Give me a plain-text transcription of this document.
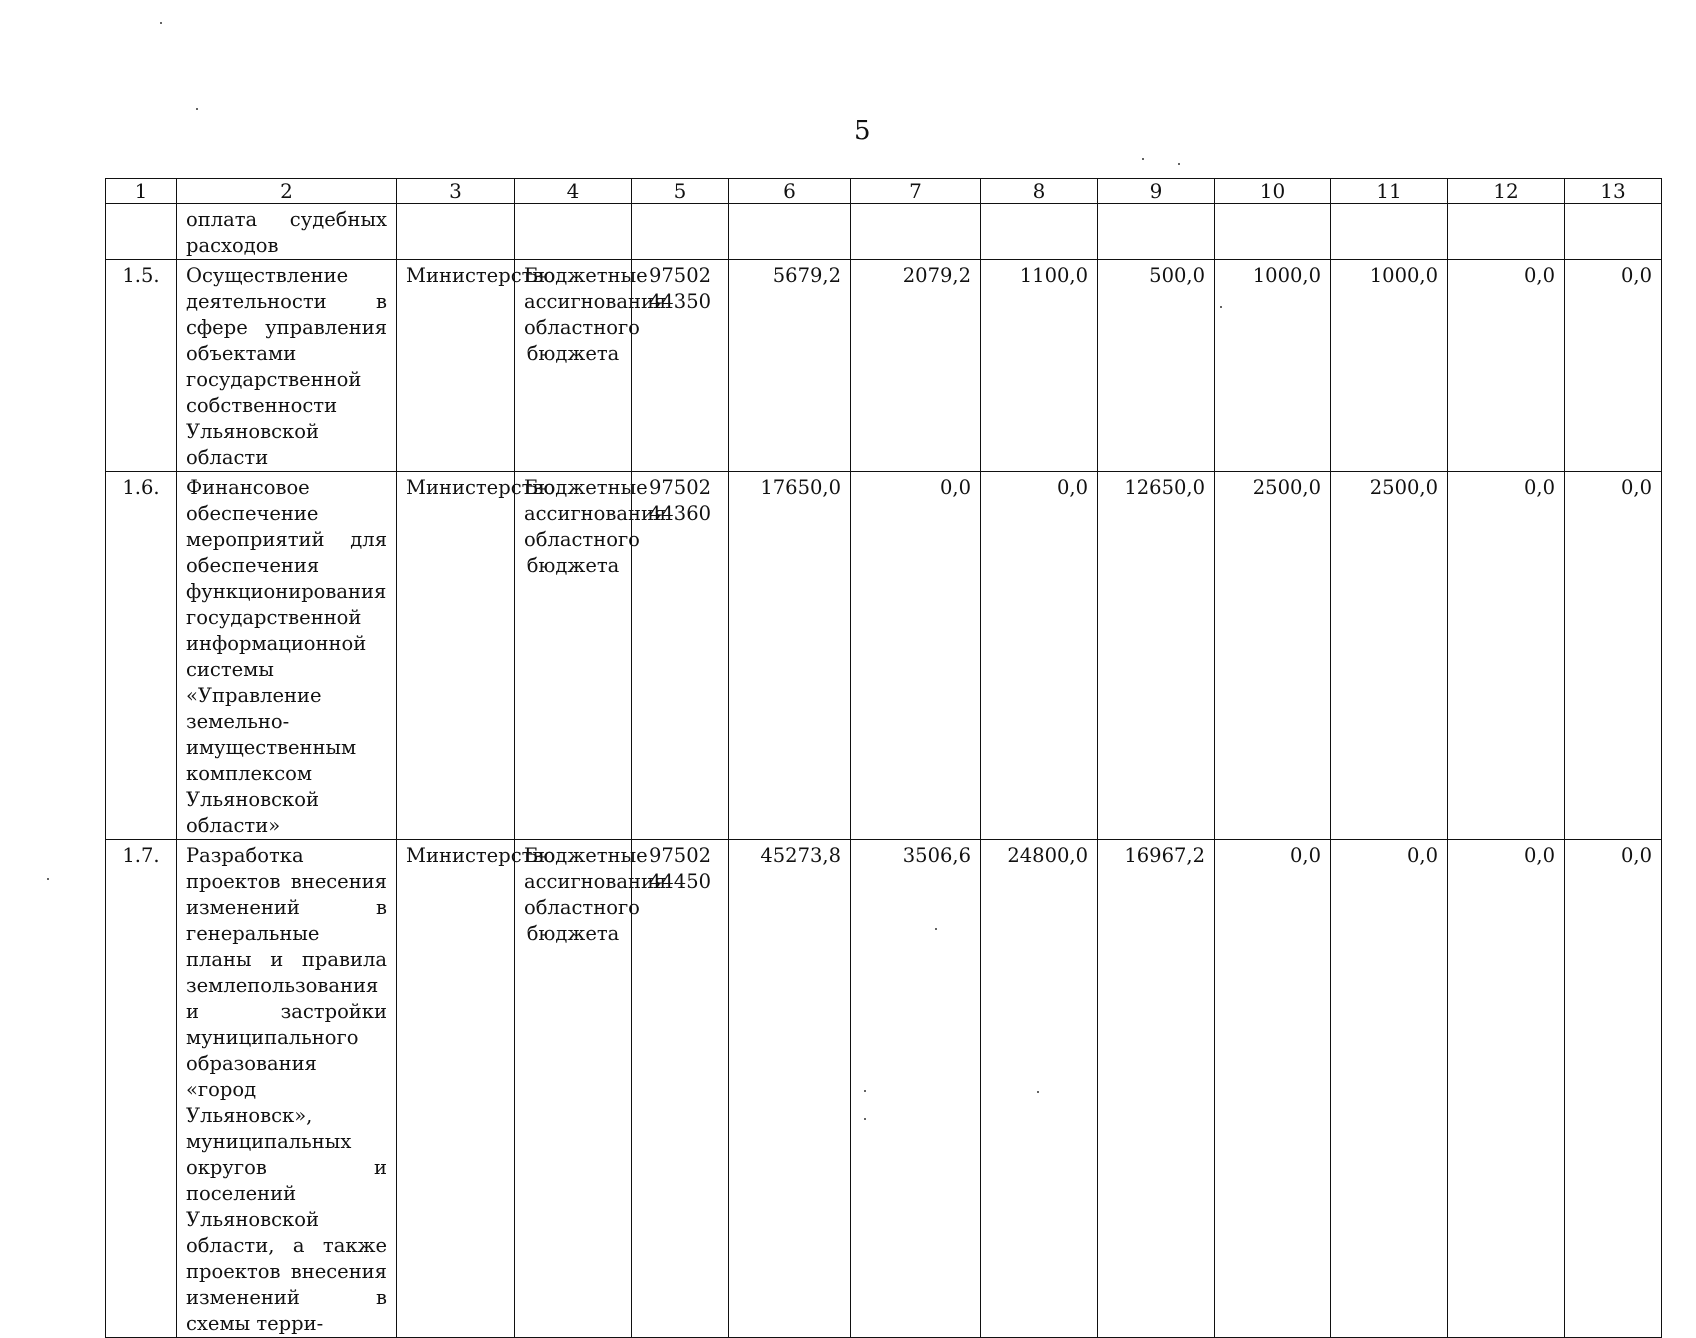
5
1	2	3	4	5	6	7	8	9	10	11	12	13
	оплата судебных расходов											
1.5.	Осуществление деятельности в сфере управления объектами государственной собственности Ульяновской области	Министерство	Бюджетные ассигнования областного бюджета	97502 44350	5679,2	2079,2	1100,0	500,0	1000,0	1000,0	0,0	0,0
1.6.	Финансовое обеспечение мероприятий для обеспечения функционирования государственной информационной системы «Управление земельно-имущественным комплексом Ульяновской области»	Министерство	Бюджетные ассигнования областного бюджета	97502 44360	17650,0	0,0	0,0	12650,0	2500,0	2500,0	0,0	0,0
1.7.	Разработка проектов внесения изменений в генеральные планы и правила землепользования и застройки муниципального образования «город Ульяновск», муниципальных округов и поселений Ульяновской области, а также проектов внесения изменений в схемы терри-	Министерство	Бюджетные ассигнования областного бюджета	97502 44450	45273,8	3506,6	24800,0	16967,2	0,0	0,0	0,0	0,0
